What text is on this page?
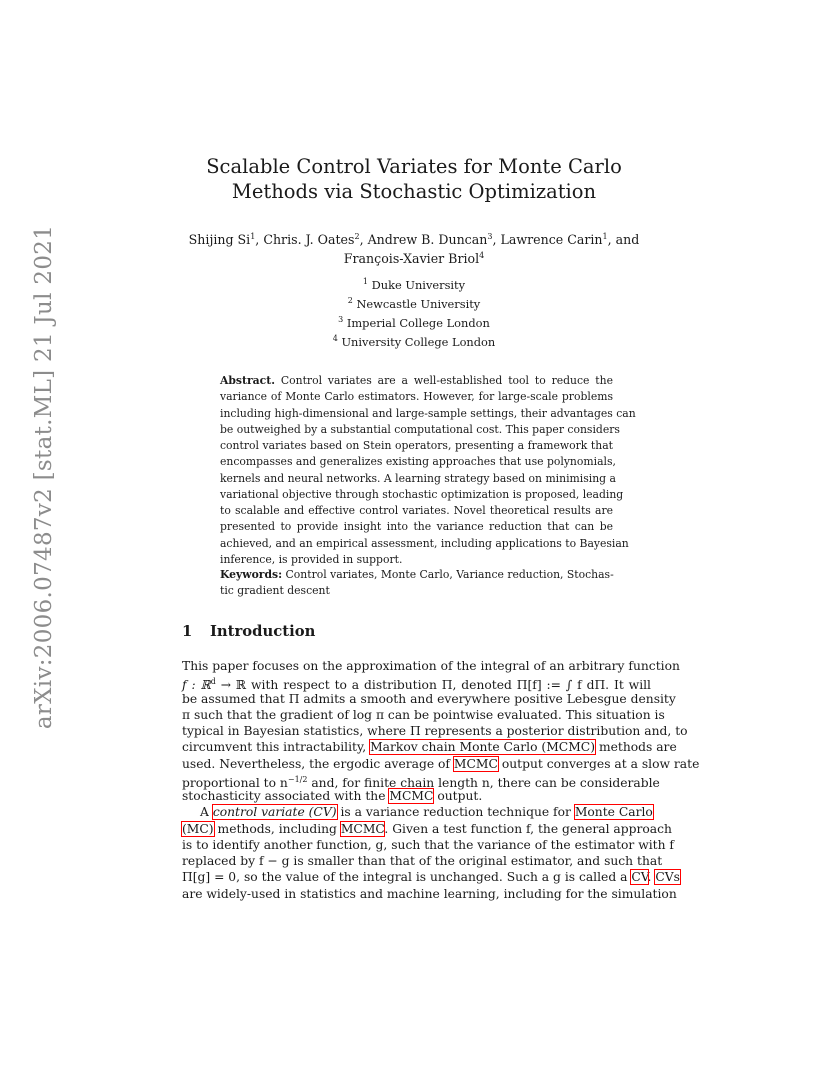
arXiv:2006.07487v2 [stat.ML] 21 Jul 2021
Scalable Control Variates for Monte Carlo
Methods via Stochastic Optimization
Shijing Si$^1$, Chris. J. Oates$^2$, Andrew B. Duncan$^3$, Lawrence Carin$^1$, and
François-Xavier Briol$^4$
$^1$ Duke University
$^2$ Newcastle University
$^3$ Imperial College London
$^4$ University College London
Abstract. Control variates are a well-established tool to reduce the
variance of Monte Carlo estimators. However, for large-scale problems
including high-dimensional and large-sample settings, their advantages can
be outweighed by a substantial computational cost. This paper considers
control variates based on Stein operators, presenting a framework that
encompasses and generalizes existing approaches that use polynomials,
kernels and neural networks. A learning strategy based on minimising a
variational objective through stochastic optimization is proposed, leading
to scalable and effective control variates. Novel theoretical results are
presented to provide insight into the variance reduction that can be
achieved, and an empirical assessment, including applications to Bayesian
inference, is provided in support.
Keywords: Control variates, Monte Carlo, Variance reduction, Stochas-
tic gradient descent
1 Introduction
This paper focuses on the approximation of the integral of an arbitrary function
f : ℝ$^d$ → ℝ with respect to a distribution Π, denoted Π[f] := ∫ f dΠ. It will
be assumed that Π admits a smooth and everywhere positive Lebesgue density
π such that the gradient of log π can be pointwise evaluated. This situation is
typical in Bayesian statistics, where Π represents a posterior distribution and, to
circumvent this intractability, Markov chain Monte Carlo (MCMC) methods are
used. Nevertheless, the ergodic average of MCMC output converges at a slow rate
proportional to $n^{-1/2}$ and, for finite chain length n, there can be considerable
stochasticity associated with the MCMC output.
A control variate (CV) is a variance reduction technique for Monte Carlo
(MC) methods, including MCMC. Given a test function f, the general approach
is to identify another function, g, such that the variance of the estimator with f
replaced by f − g is smaller than that of the original estimator, and such that
Π[g] = 0, so the value of the integral is unchanged. Such a g is called a CV. CVs
are widely-used in statistics and machine learning, including for the simulation
